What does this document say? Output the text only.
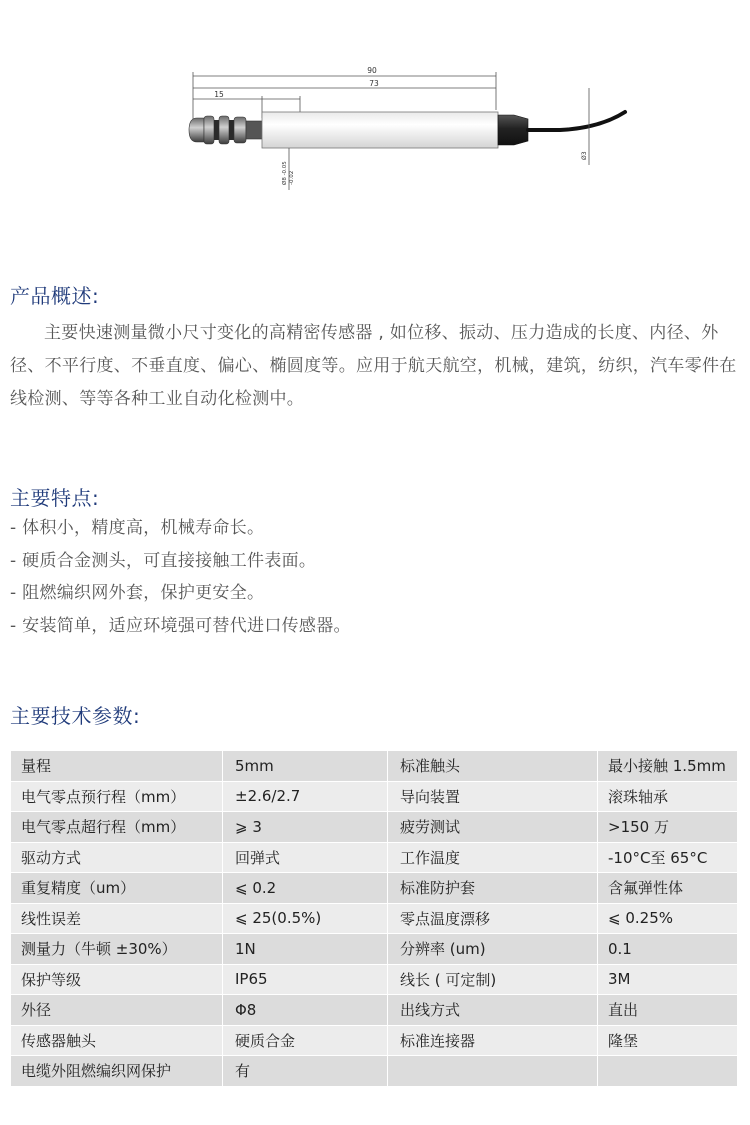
90
73
15
Ø8 -0.05 -0.02
Ø3
产品概述:
主要快速测量微小尺寸变化的高精密传感器 , 如位移、振动、压力造成的长度、内径、外径、不平行度、不垂直度、偏心、椭圆度等。应用于航天航空，机械，建筑，纺织，汽车零件在线检测、等等各种工业自动化检测中。
主要特点:
- 体积小，精度高，机械寿命长。
- 硬质合金测头，可直接接触工件表面。
- 阻燃编织网外套，保护更安全。
- 安装简单，适应环境强可替代进口传感器。
主要技术参数:
量程	5mm	标准触头	最小接触 1.5mm
电气零点预行程（mm）	±2.6/2.7	导向装置	滚珠轴承
电气零点超行程（mm）	⩾ 3	疲劳测试	>150 万
驱动方式	回弹式	工作温度	-10°C至 65°C
重复精度（um）	⩽ 0.2	标准防护套	含氟弹性体
线性误差	⩽ 25(0.5%)	零点温度漂移	⩽ 0.25%
测量力（牛顿 ±30%）	1N	分辨率 (um)	0.1
保护等级	IP65	线长 ( 可定制)	3M
外径	Φ8	出线方式	直出
传感器触头	硬质合金	标准连接器	隆堡
电缆外阻燃编织网保护	有		
